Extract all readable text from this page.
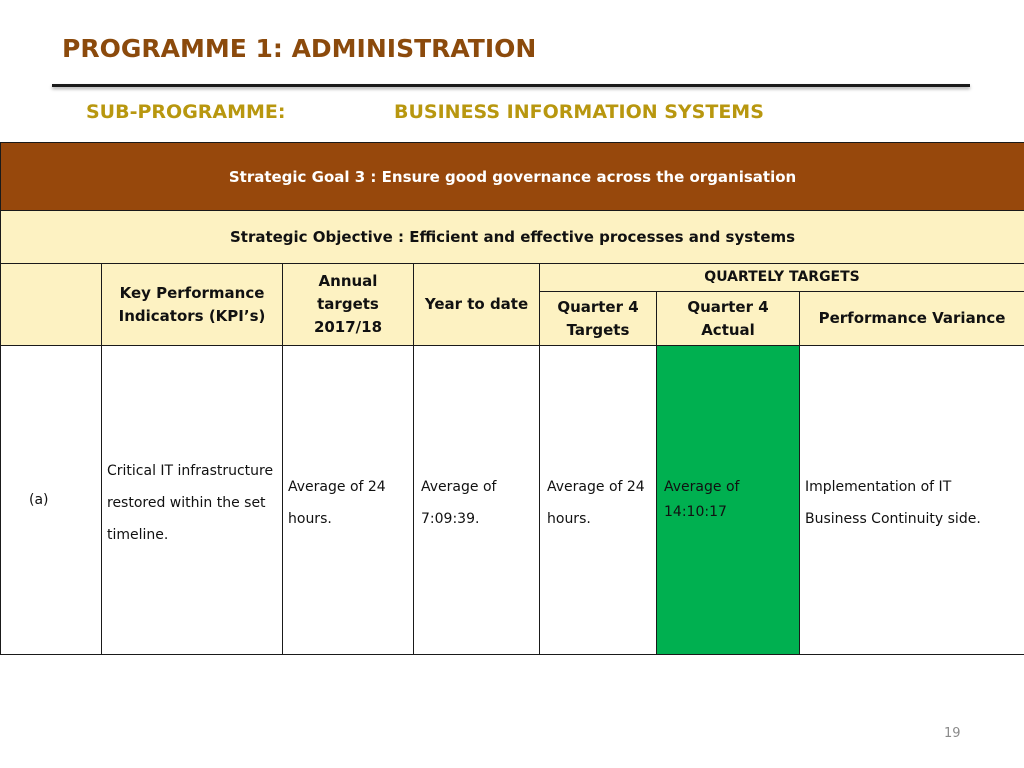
PROGRAMME 1: ADMINISTRATION
SUB-PROGRAMME:	BUSINESS INFORMATION SYSTEMS
Strategic Goal 3 : Ensure good governance across the organisation						
Strategic Objective : Efficient and effective processes and systems						
	Key Performance Indicators (KPI’s)	Annual targets 2017/18	Year to date	QUARTELY TARGETS		

				Quarter 4 Targets	Quarter 4 Actual	Performance Variance

(a)	Critical IT infrastructure restored within the set timeline.	Average of 24 hours.	Average of 7:09:39.	Average of 24 hours.	Average of 14:10:17	Implementation of IT Business Continuity side.
19
